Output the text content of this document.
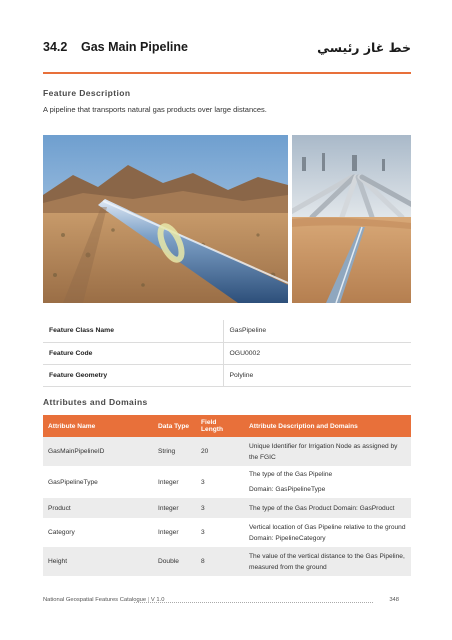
34.2 Gas Main Pipeline	خط غاز رئيسي
Feature Description
A pipeline that transports natural gas products over large distances.
Feature Class Name	GasPipeline
Feature Code	OGU0002
Feature Geometry	Polyline
Attributes and Domains
Attribute Name	Data Type	Field Length	Attribute Description and Domains
GasMainPipelineID	String	20	Unique Identifier for Irrigation Node as assigned by the FGIC
GasPipelineType	Integer	3	The type of the Gas Pipeline
Domain: GasPipelineType

Product	Integer	3	The type of the Gas Product Domain: GasProduct
Category	Integer	3	Vertical location of Gas Pipeline relative to the ground Domain: PipelineCategory
Height	Double	8	The value of the vertical distance to the Gas Pipeline, measured from the ground
National Geospatial Features Catalogue | V 1.0	348
